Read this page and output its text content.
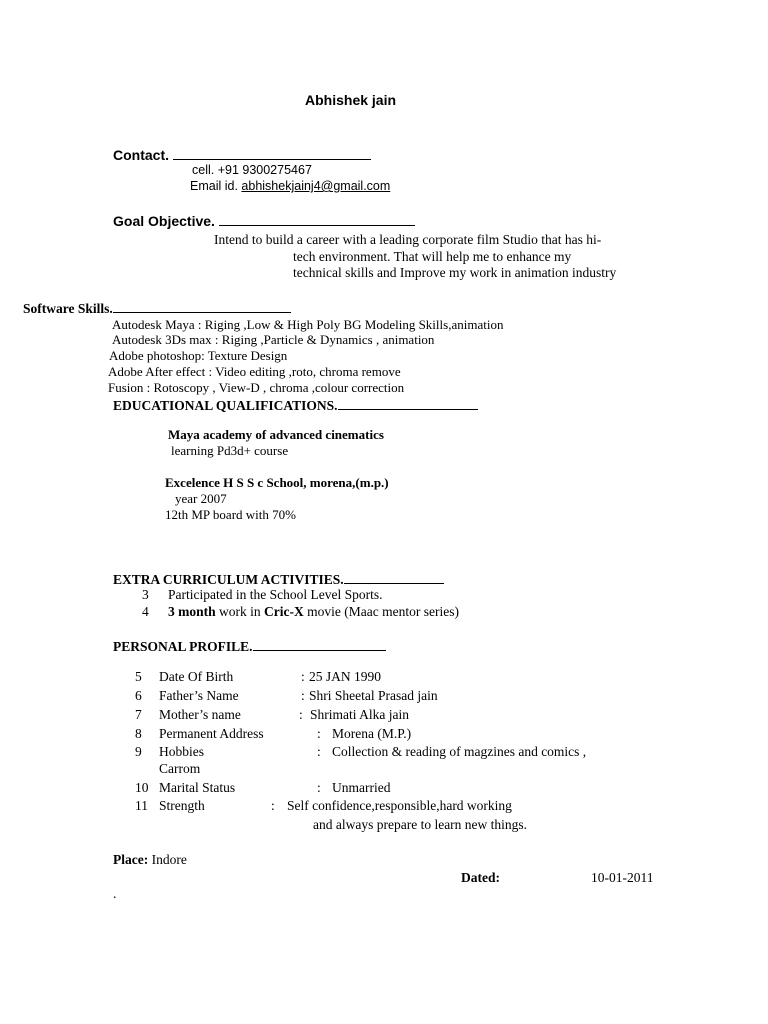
Abhishek jain
Contact.
cell. +91 9300275467
Email id. abhishekjainj4@gmail.com
Goal Objective.
Intend to build a career with a leading corporate film Studio that has hi-
tech environment. That will help me to enhance my
technical skills and Improve my work in animation industry
Software Skills.
Autodesk Maya : Riging ,Low & High Poly BG Modeling Skills,animation
Autodesk 3Ds max : Riging ,Particle & Dynamics , animation
Adobe photoshop: Texture Design
Adobe After effect : Video editing ,roto, chroma remove
Fusion : Rotoscopy , View-D , chroma ,colour correction
EDUCATIONAL QUALIFICATIONS.
Maya academy of advanced cinematics
learning Pd3d+ course
Excelence H S S c School, morena,(m.p.)
year 2007
12th MP board with 70%
EXTRA CURRICULUM ACTIVITIES.
3 Participated in the School Level Sports.
4 3 month work in Cric-X movie (Maac mentor series)
PERSONAL PROFILE.
5 Date Of Birth	: 25 JAN 1990
6 Father’s Name	: Shri Sheetal Prasad jain
7 Mother’s name	: Shrimati Alka jain
8 Permanent Address	: Morena (M.P.)
9 Hobbies	: Collection & reading of magzines and comics ,
Carrom
10 Marital Status	: Unmarried
11 Strength	: Self confidence,responsible,hard working
and always prepare to learn new things.
Place: Indore
Dated:	10-01-2011
.
